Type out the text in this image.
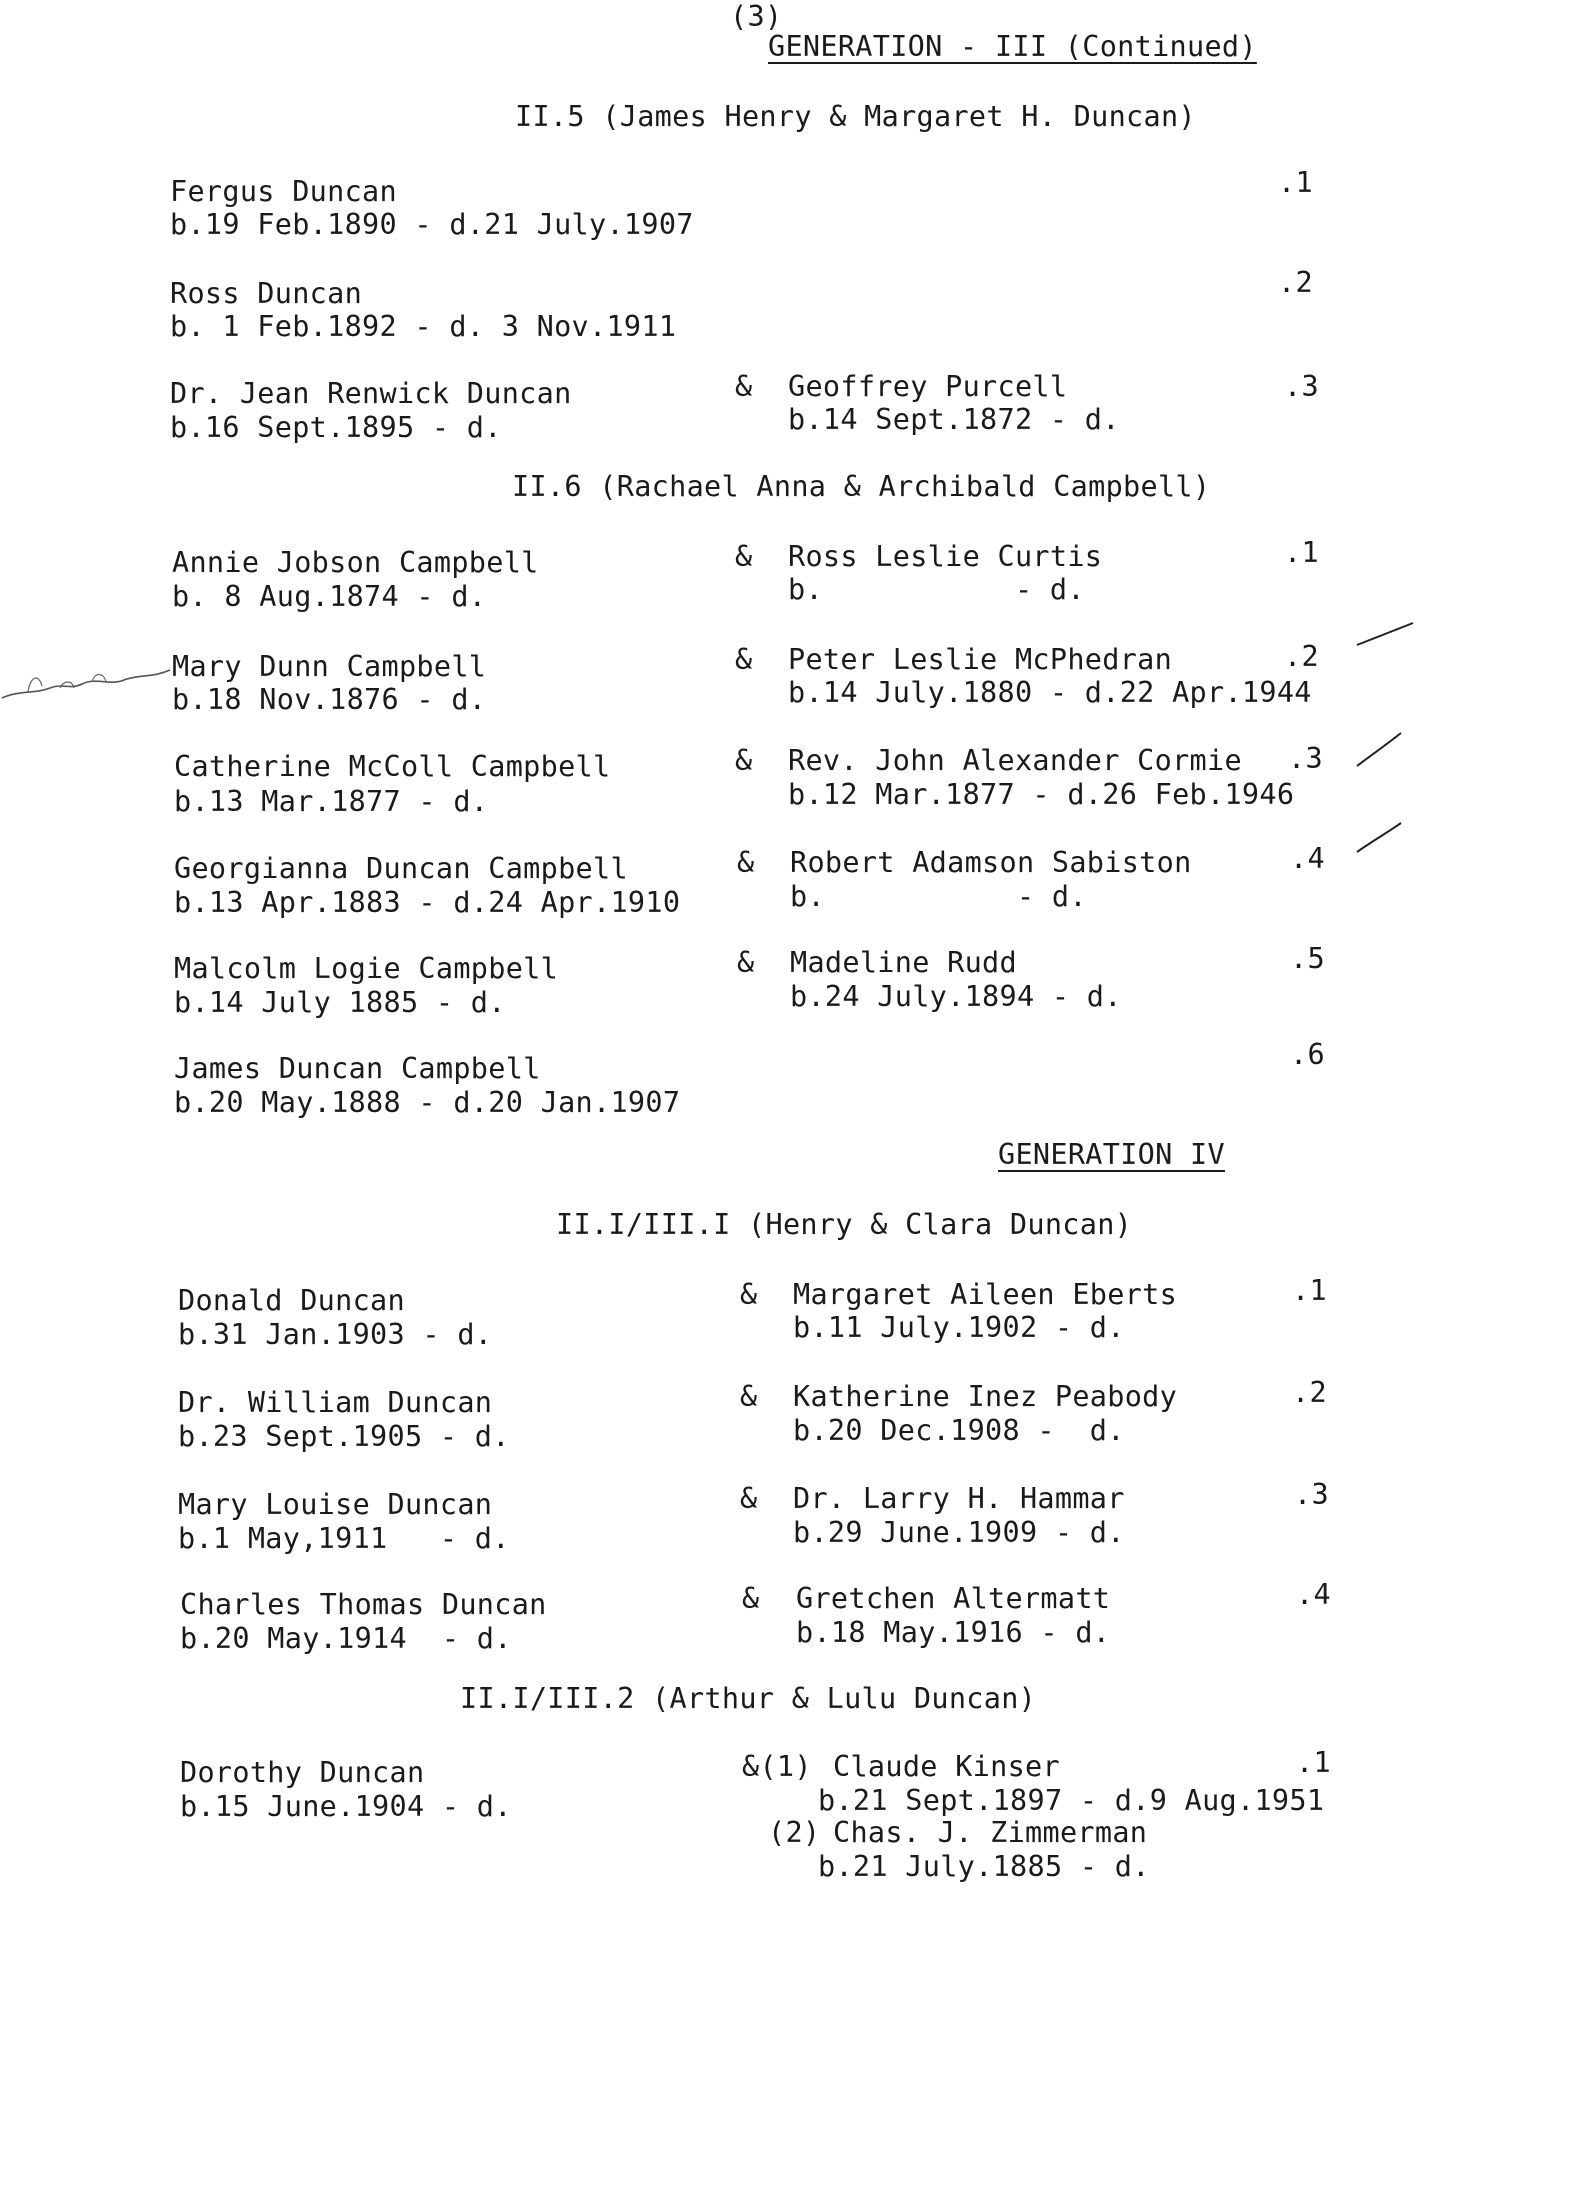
(3)
GENERATION - III (Continued)
II.5 (James Henry & Margaret H. Duncan)
Fergus Duncan
b.19 Feb.1890 - d.21 July.1907
.1
Ross Duncan
b. 1 Feb.1892 - d. 3 Nov.1911
.2
Dr. Jean Renwick Duncan
b.16 Sept.1895 - d.
& Geoffrey Purcell
b.14 Sept.1872 - d.
.3
II.6 (Rachael Anna & Archibald Campbell)
Annie Jobson Campbell
b. 8 Aug.1874 - d.
& Ross Leslie Curtis
b.           - d.
.1
Mary Dunn Campbell
b.18 Nov.1876 - d.
& Peter Leslie McPhedran
b.14 July.1880 - d.22 Apr.1944
.2
Catherine McColl Campbell
b.13 Mar.1877 - d.
& Rev. John Alexander Cormie
b.12 Mar.1877 - d.26 Feb.1946
.3
Georgianna Duncan Campbell
b.13 Apr.1883 - d.24 Apr.1910
& Robert Adamson Sabiston
b.           - d.
.4
Malcolm Logie Campbell
b.14 July 1885 - d.
& Madeline Rudd
b.24 July.1894 - d.
.5
James Duncan Campbell
b.20 May.1888 - d.20 Jan.1907
.6
GENERATION IV
II.I/III.I (Henry & Clara Duncan)
Donald Duncan
b.31 Jan.1903 - d.
& Margaret Aileen Eberts
b.11 July.1902 - d.
.1
Dr. William Duncan
b.23 Sept.1905 - d.
& Katherine Inez Peabody
b.20 Dec.1908 -  d.
.2
Mary Louise Duncan
b.1 May,1911   - d.
& Dr. Larry H. Hammar
b.29 June.1909 - d.
.3
Charles Thomas Duncan
b.20 May.1914  - d.
& Gretchen Altermatt
b.18 May.1916 - d.
.4
II.I/III.2 (Arthur & Lulu Duncan)
Dorothy Duncan
b.15 June.1904 - d.
&(1) Claude Kinser
b.21 Sept.1897 - d.9 Aug.1951
(2) Chas. J. Zimmerman
b.21 July.1885 - d.
.1
